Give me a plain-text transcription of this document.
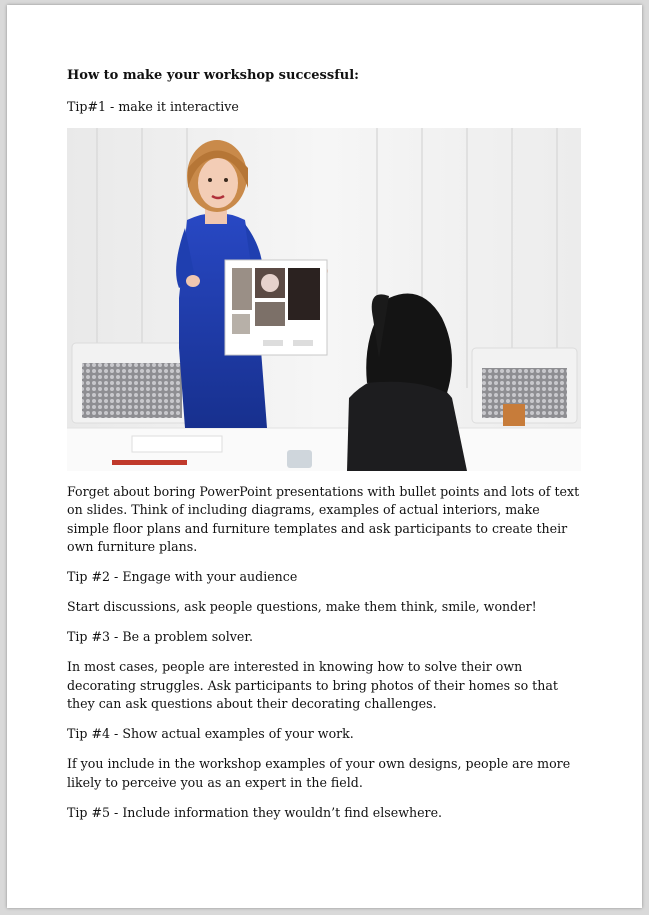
How to make your workshop successful:

Tip#1 - make it interactive

Forget about boring PowerPoint presentations with bullet points and lots of text on slides. Think of including diagrams, examples of actual interiors, make simple floor plans and furniture templates and ask participants to create their own furniture plans.

Tip #2 - Engage with your audience

Start discussions, ask people questions, make them think, smile, wonder!

Tip #3 - Be a problem solver.

In most cases, people are interested in knowing how to solve their own decorating struggles. Ask participants to bring photos of their homes so that they can ask questions about their decorating challenges.

Tip #4 - Show actual examples of your work.

If you include in the workshop examples of your own designs, people are more likely to perceive you as an expert in the field.

Tip #5 - Include information they wouldn’t find elsewhere.
